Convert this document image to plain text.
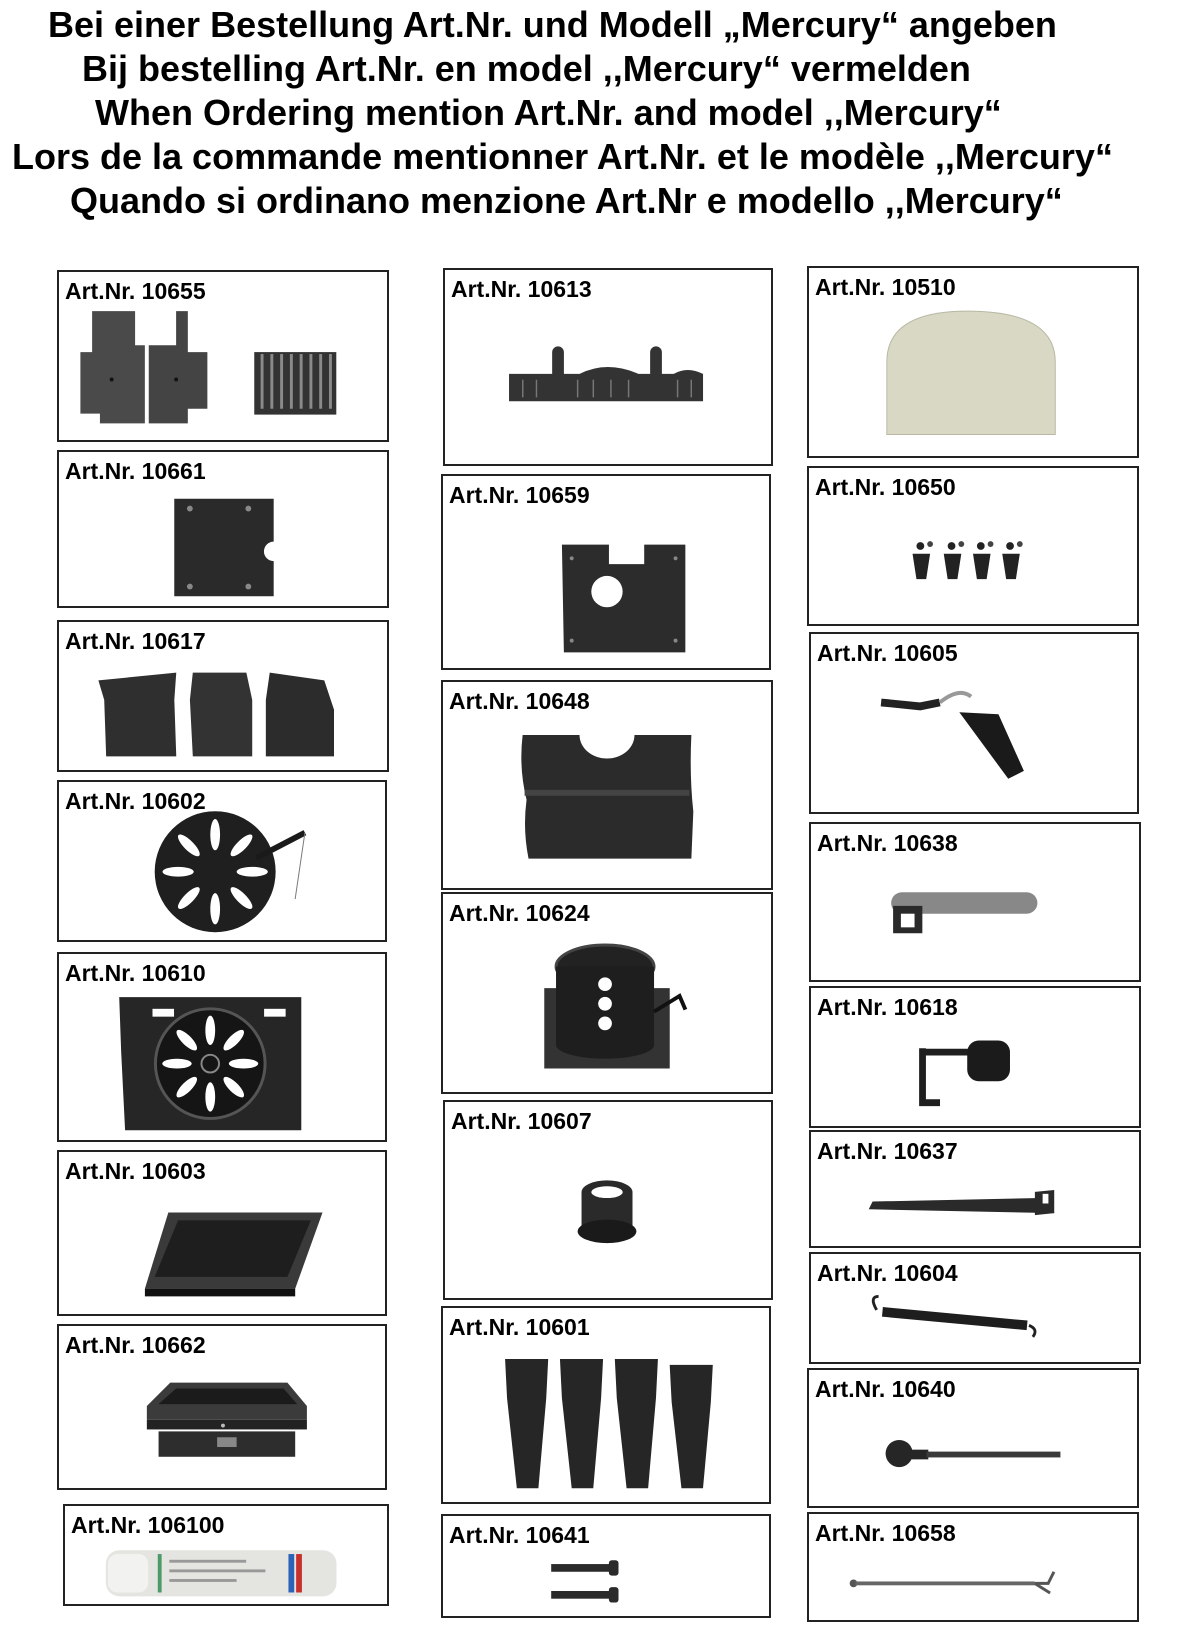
Bei einer Bestellung Art.Nr. und Modell „Mercury“ angeben
Bij bestelling Art.Nr. en model ,,Mercury“ vermelden
When Ordering mention Art.Nr. and model ,,Mercury“
Lors de la commande mentionner Art.Nr. et le modèle ,,Mercury“
Quando si ordinano menzione Art.Nr e modello ,,Mercury“
Art.Nr. 10655
Art.Nr. 10661
Art.Nr. 10617
Art.Nr. 10602
Art.Nr. 10610
Art.Nr. 10603
Art.Nr. 10662
Art.Nr. 106100
Art.Nr. 10613
Art.Nr. 10659
Art.Nr. 10648
Art.Nr. 10624
Art.Nr. 10607
Art.Nr. 10601
Art.Nr. 10641
Art.Nr. 10510
Art.Nr. 10650
Art.Nr. 10605
Art.Nr. 10638
Art.Nr. 10618
Art.Nr. 10637
Art.Nr. 10604
Art.Nr. 10640
Art.Nr. 10658
